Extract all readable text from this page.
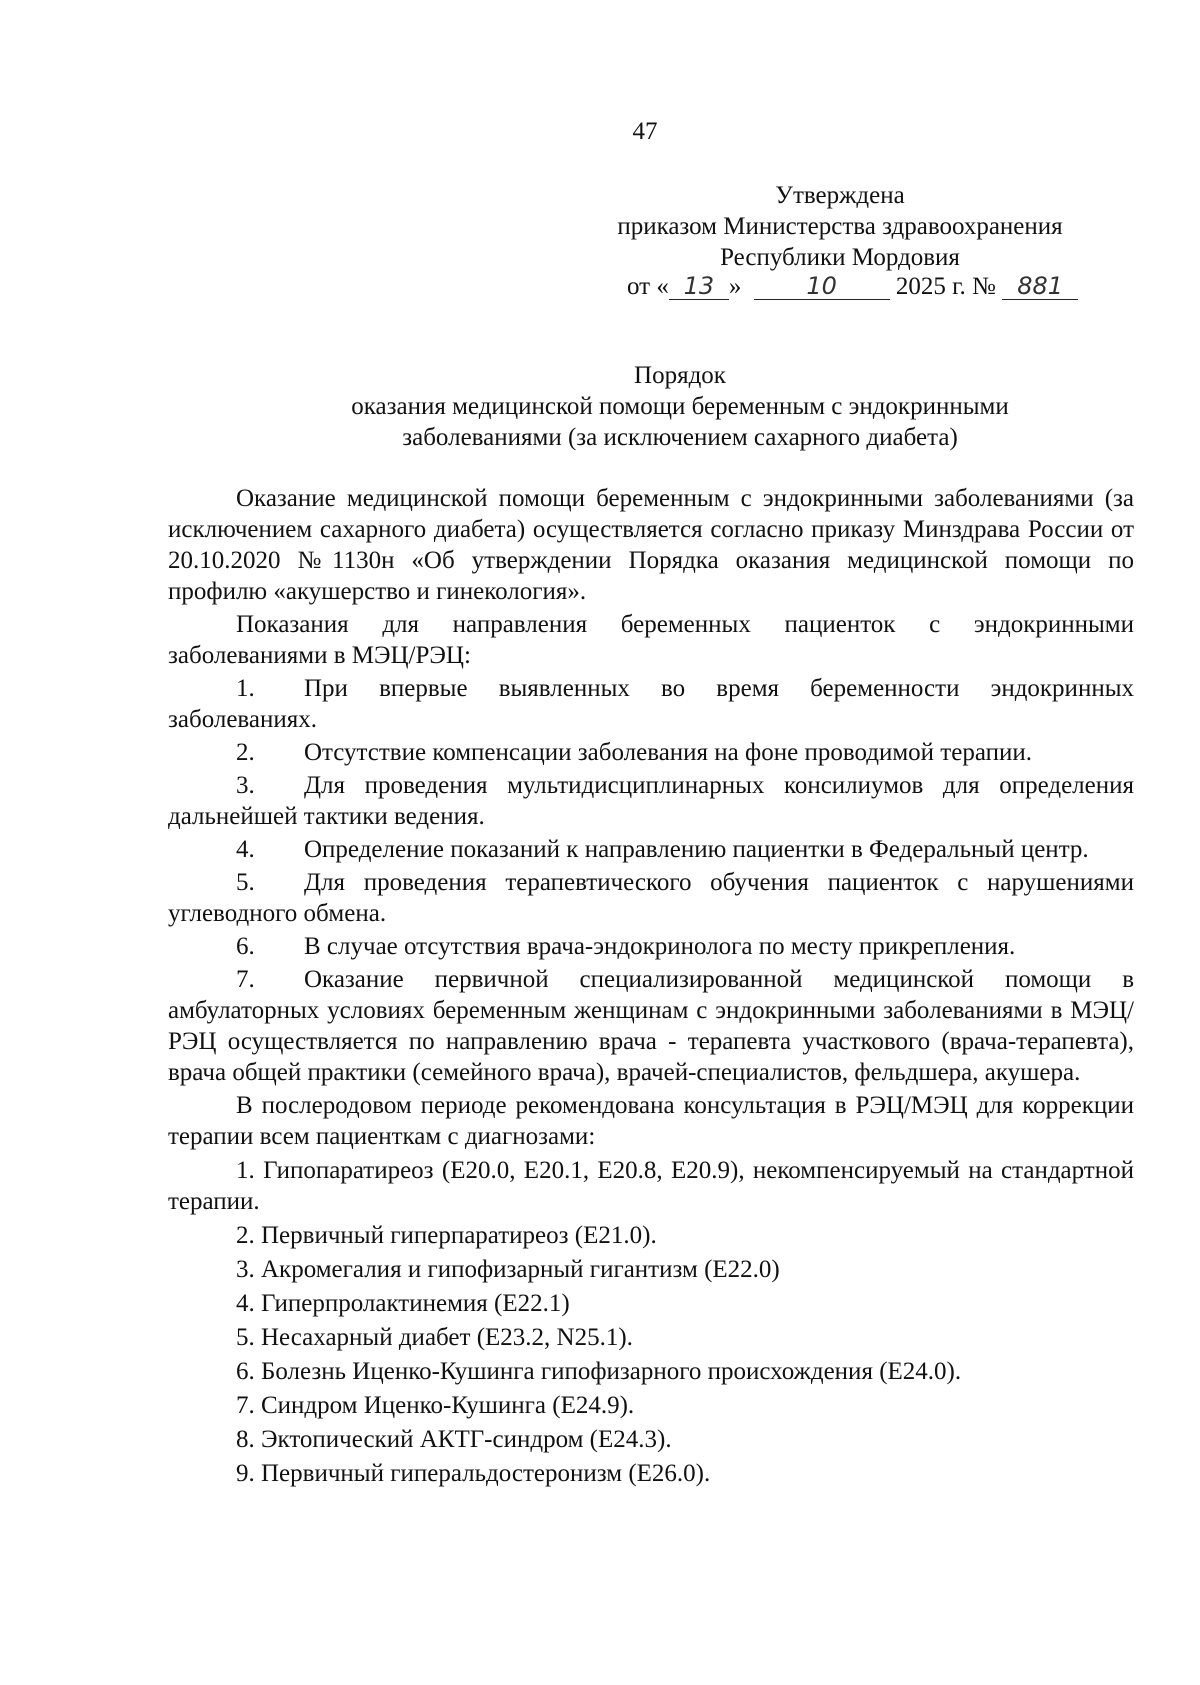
47
Утверждена
приказом Министерства здравоохранения
Республики Мордовия
от « 13 »	10 2025 г. № 881
Порядок
оказания медицинской помощи беременным с эндокринными
заболеваниями (за исключением сахарного диабета)

Оказание медицинской помощи беременным с эндокринными заболеваниями (за исключением сахарного диабета) осуществляется согласно приказу Минздрава России от 20.10.2020 №1130н «Об утверждении Порядка оказания медицинской помощи по профилю «акушерство и гинекология».

Показания для направления беременных пациенток с эндокринными заболеваниями в МЭЦ/РЭЦ:

1. При впервые выявленных во время беременности эндокринных заболеваниях.

2. Отсутствие компенсации заболевания на фоне проводимой терапии.

3. Для проведения мультидисциплинарных консилиумов для определения дальнейшей тактики ведения.

4. Определение показаний к направлению пациентки в Федеральный центр.

5. Для проведения терапевтического обучения пациенток с нарушениями углеводного обмена.

6. В случае отсутствия врача-эндокринолога по месту прикрепления.

7. Оказание первичной специализированной медицинской помощи в амбулаторных условиях беременным женщинам с эндокринными заболеваниями в МЭЦ/РЭЦ осуществляется по направлению врача - терапевта участкового (врача-терапевта), врача общей практики (семейного врача), врачей-специалистов, фельдшера, акушера.

В послеродовом периоде рекомендована консультация в РЭЦ/МЭЦ для коррекции терапии всем пациенткам с диагнозами:

1. Гипопаратиреоз (E20.0, E20.1, E20.8, E20.9), некомпенсируемый на стандартной терапии.

2. Первичный гиперпаратиреоз (E21.0).

3. Акромегалия и гипофизарный гигантизм (E22.0)

4. Гиперпролактинемия (E22.1)

5. Несахарный диабет (E23.2, N25.1).

6. Болезнь Иценко-Кушинга гипофизарного происхождения (E24.0).

7. Синдром Иценко-Кушинга (E24.9).

8. Эктопический АКТГ-синдром (E24.3).

9. Первичный гиперальдостеронизм (E26.0).
